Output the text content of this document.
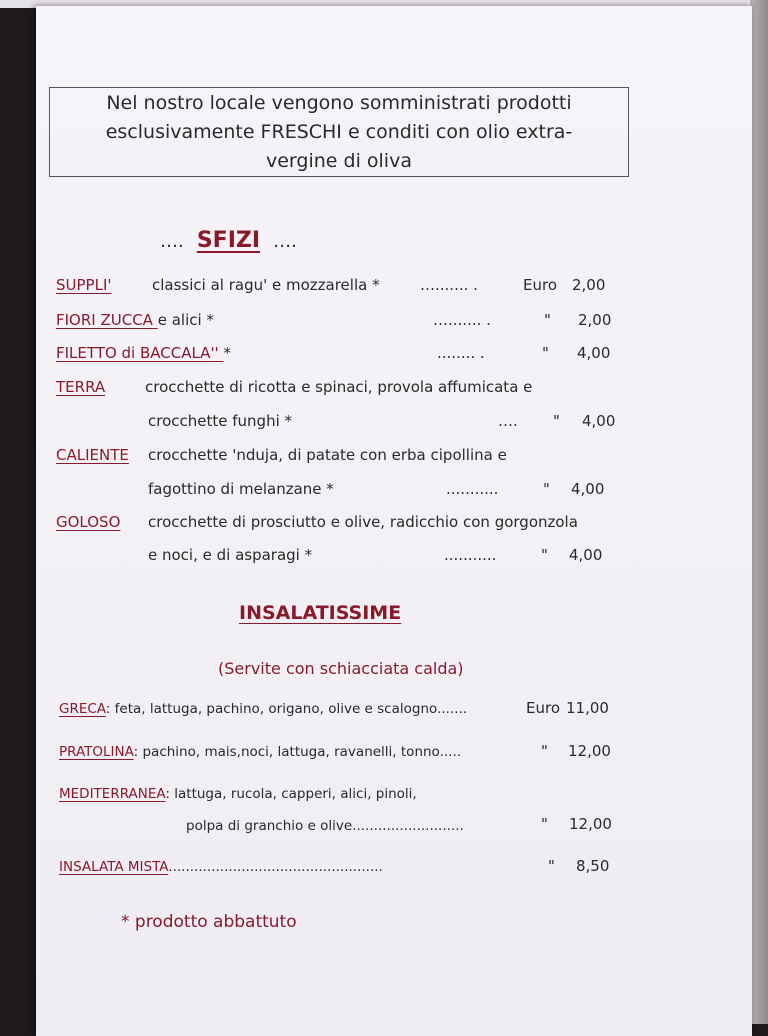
Nel nostro locale vengono somministrati prodotti
esclusivamente FRESCHI e conditi con olio extra-
vergine di oliva
…. SFIZI ….
SUPPLI'	classici al ragu' e mozzarella *	…....... .	Euro 2,00
FIORI ZUCCA e alici *	…....... .	" 2,00
FILETTO di BACCALA'' *	........ .	" 4,00
TERRA	crocchette di ricotta e spinaci, provola affumicata e
crocchette funghi *	…. " 4,00
CALIENTE crocchette 'nduja, di patate con erba cipollina e
fagottino di melanzane *	...........	" 4,00
GOLOSO crocchette di prosciutto e olive, radicchio con gorgonzola
e noci, e di asparagi *	...........	" 4,00
INSALATISSIME
(Servite con schiacciata calda)
GRECA: feta, lattuga, pachino, origano, olive e scalogno.......	Euro 11,00
PRATOLINA: pachino, mais,noci, lattuga, ravanelli, tonno.....	" 12,00
MEDITERRANEA: lattuga, rucola, capperi, alici, pinoli,
polpa di granchio e olive..........................	" 12,00
INSALATA MISTA..................................................	" 8,50
* prodotto abbattuto
